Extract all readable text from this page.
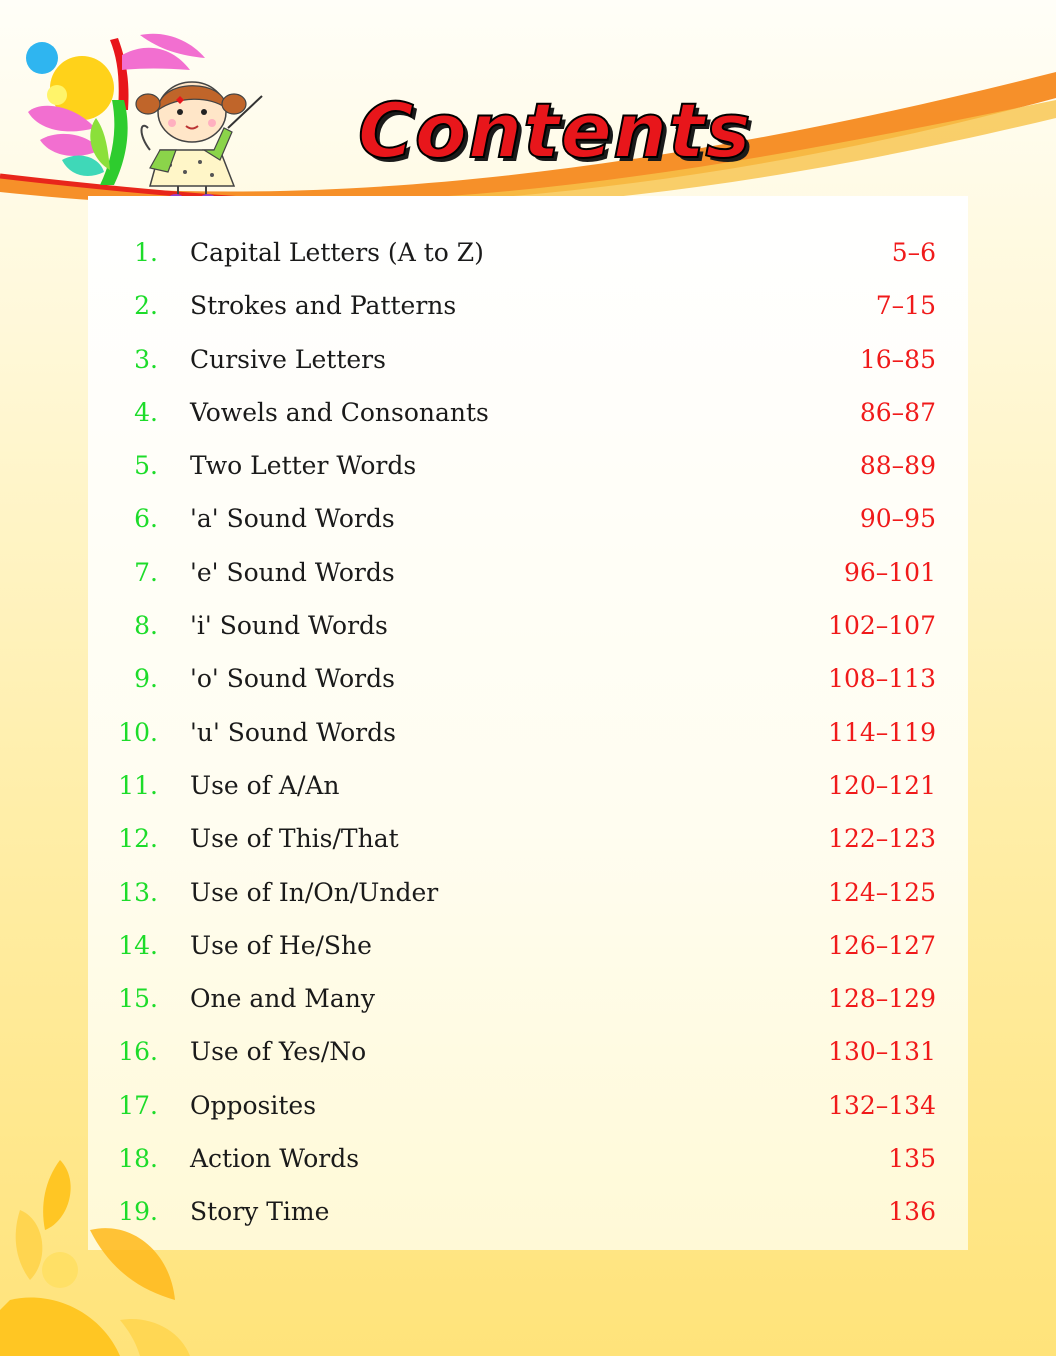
Contents
1. Capital Letters (A to Z)	5–6
2. Strokes and Patterns	7–15
3. Cursive Letters	16–85
4. Vowels and Consonants	86–87
5. Two Letter Words	88–89
6. 'a' Sound Words	90–95
7. 'e' Sound Words	96–101
8. 'i' Sound Words	102–107
9. 'o' Sound Words	108–113
10. 'u' Sound Words	114–119
11. Use of A/An	120–121
12. Use of This/That	122–123
13. Use of In/On/Under	124–125
14. Use of He/She	126–127
15. One and Many	128–129
16. Use of Yes/No	130–131
17. Opposites	132–134
18. Action Words	135
19. Story Time	136
